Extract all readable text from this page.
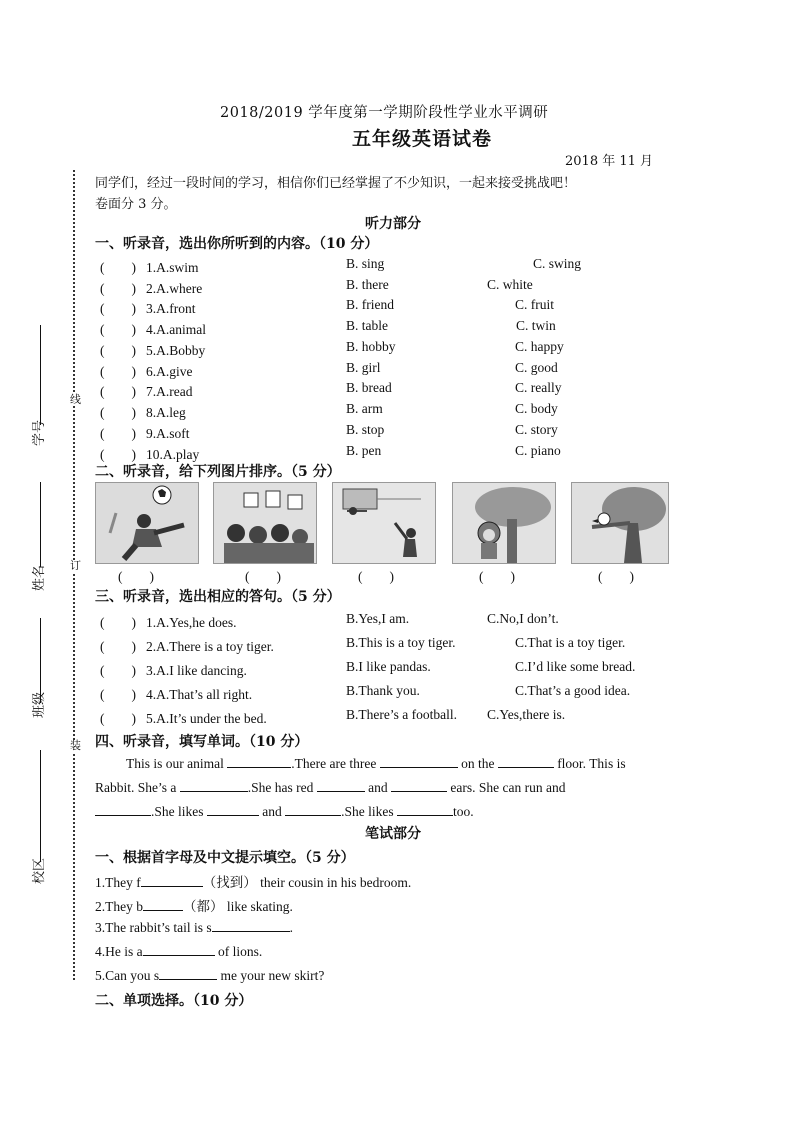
线
订
装
学号
姓名
班级
校区
2018/2019 学年度第一学期阶段性学业水平调研
五年级英语试卷
2018 年 11 月
同学们，经过一段时间的学习，相信你们已经掌握了不少知识，一起来接受挑战吧！
卷面分 3 分。
听力部分
一、听录音，选出你所听到的内容。（10 分）
(　　) 1.A.swim	B. sing	C. swing
(　　) 2.A.where	B. there	C. white
(　　) 3.A.front	B. friend	C. fruit
(　　) 4.A.animal	B. table	C. twin
(　　) 5.A.Bobby	B. hobby	C. happy
(　　) 6.A.give	B. girl	C. good
(　　) 7.A.read	B. bread	C. really
(　　) 8.A.leg	B. arm	C. body
(　　) 9.A.soft	B. stop	C. story
(　　) 10.A.play	B. pen	C. piano
二、听录音，给下列图片排序。（5 分）
(　　)	(　　)	(　　)	(　　)	(　　)
三、听录音，选出相应的答句。（5 分）
(　　) 1.A.Yes,he does.	B.Yes,I am.	C.No,I don’t.
(　　) 2.A.There is a toy tiger.	B.This is a toy tiger.	C.That is a toy tiger.
(　　) 3.A.I like dancing.	B.I like pandas.	C.I’d like some bread.
(　　) 4.A.That’s all right.	B.Thank you.	C.That’s a good idea.
(　　) 5.A.It’s under the bed.	B.There’s a football. C.Yes,there is.
四、听录音，填写单词。（10 分）
This is our animal	.There are three	on the	floor. This is
Rabbit. She’s a	.She has red	and	ears. She can run and
.She likes	and	.She likes	too.
笔试部分
一、根据首字母及中文提示填空。（5 分）
1.They f	（找到） their cousin in his bedroom.
2.They b	（都） like skating.
3.The rabbit’s tail is s	.
4.He is a	of lions.
5.Can you s	me your new skirt?
二、单项选择。（10 分）
